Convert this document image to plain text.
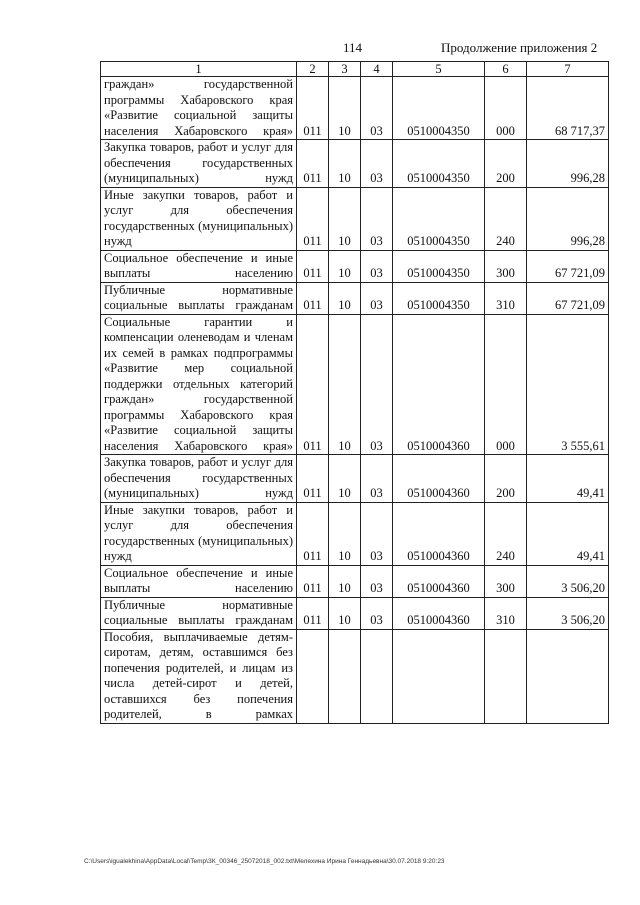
114	Продолжение приложения 2
1	2	3	4	5	6	7
граждан» государственной программы Хабаровского края «Развитие социальной защиты населения Хабаровского края»	011	10	03	0510004350	000	68 717,37
Закупка товаров, работ и услуг для обеспечения государственных (муниципальных) нужд	011	10	03	0510004350	200	996,28
Иные закупки товаров, работ и услуг для обеспечения государственных (муниципальных) нужд	011	10	03	0510004350	240	996,28
Социальное обеспечение и иные выплаты населению	011	10	03	0510004350	300	67 721,09
Публичные нормативные социальные выплаты гражданам	011	10	03	0510004350	310	67 721,09
Социальные гарантии и компенсации оленеводам и членам их семей в рамках подпрограммы «Развитие мер социальной поддержки отдельных категорий граждан» государственной программы Хабаровского края «Развитие социальной защиты населения Хабаровского края»	011	10	03	0510004360	000	3 555,61
Закупка товаров, работ и услуг для обеспечения государственных (муниципальных) нужд	011	10	03	0510004360	200	49,41
Иные закупки товаров, работ и услуг для обеспечения государственных (муниципальных) нужд	011	10	03	0510004360	240	49,41
Социальное обеспечение и иные выплаты населению	011	10	03	0510004360	300	3 506,20
Публичные нормативные социальные выплаты гражданам	011	10	03	0510004360	310	3 506,20
Пособия, выплачиваемые детям-сиротам, детям, оставшимся без попечения родителей, и лицам из числа детей-сирот и детей, оставшихся без попечения родителей, в рамках						
C:\Users\igualekhina\AppData\Local\Temp\ЗК_00346_25072018_002.txt\Мелехина Ирина Геннадьевна\30.07.2018 9:20:23
